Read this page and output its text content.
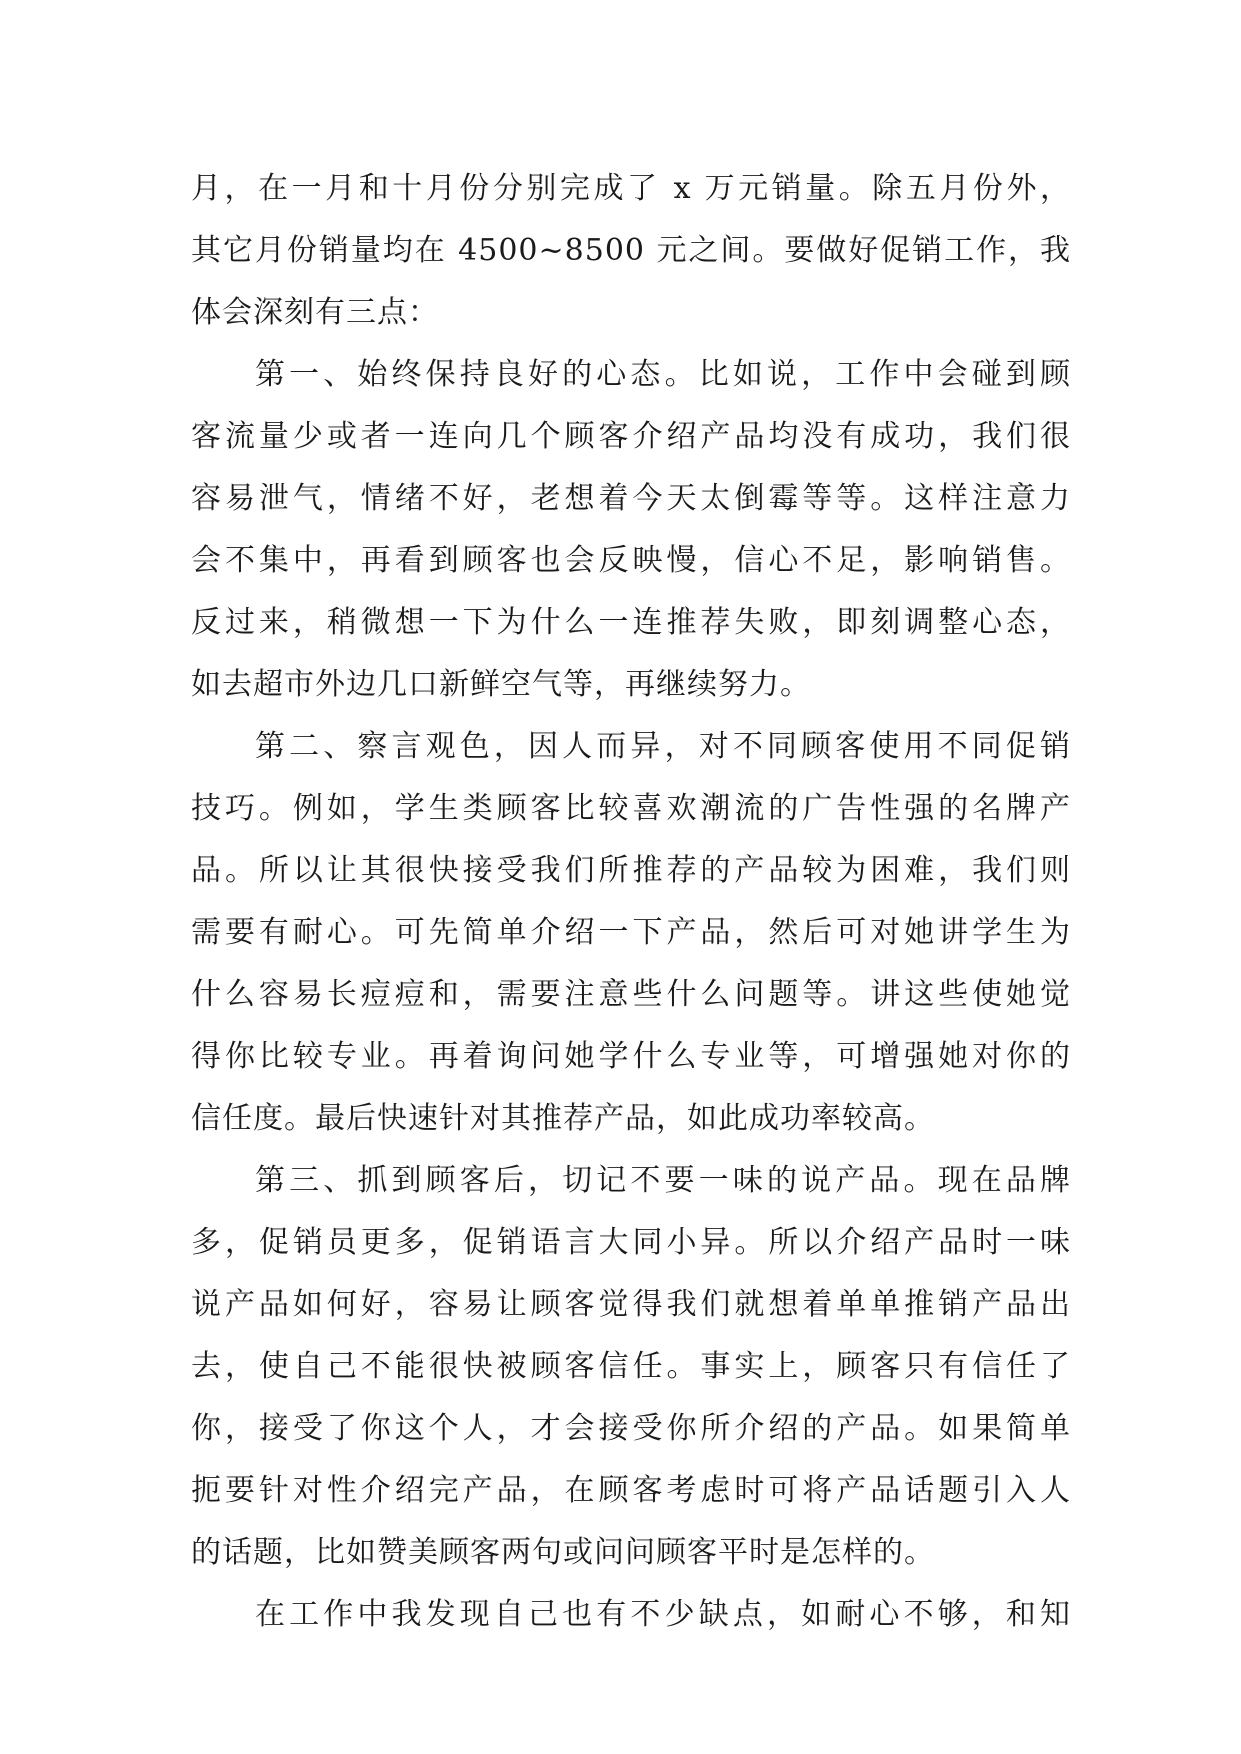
月，在一月和十月份分别完成了 x 万元销量。除五月份外，
其它月份销量均在 4500~8500 元之间。要做好促销工作，我
体会深刻有三点：
第一、始终保持良好的心态。比如说，工作中会碰到顾
客流量少或者一连向几个顾客介绍产品均没有成功，我们很
容易泄气，情绪不好，老想着今天太倒霉等等。这样注意力
会不集中，再看到顾客也会反映慢，信心不足，影响销售。
反过来，稍微想一下为什么一连推荐失败，即刻调整心态，
如去超市外边几口新鲜空气等，再继续努力。
第二、察言观色，因人而异，对不同顾客使用不同促销
技巧。例如，学生类顾客比较喜欢潮流的广告性强的名牌产
品。所以让其很快接受我们所推荐的产品较为困难，我们则
需要有耐心。可先简单介绍一下产品，然后可对她讲学生为
什么容易长痘痘和，需要注意些什么问题等。讲这些使她觉
得你比较专业。再着询问她学什么专业等，可增强她对你的
信任度。最后快速针对其推荐产品，如此成功率较高。
第三、抓到顾客后，切记不要一味的说产品。现在品牌
多，促销员更多，促销语言大同小异。所以介绍产品时一味
说产品如何好，容易让顾客觉得我们就想着单单推销产品出
去，使自己不能很快被顾客信任。事实上，顾客只有信任了
你，接受了你这个人，才会接受你所介绍的产品。如果简单
扼要针对性介绍完产品，在顾客考虑时可将产品话题引入人
的话题，比如赞美顾客两句或问问顾客平时是怎样的。
在工作中我发现自己也有不少缺点，如耐心不够，和知
